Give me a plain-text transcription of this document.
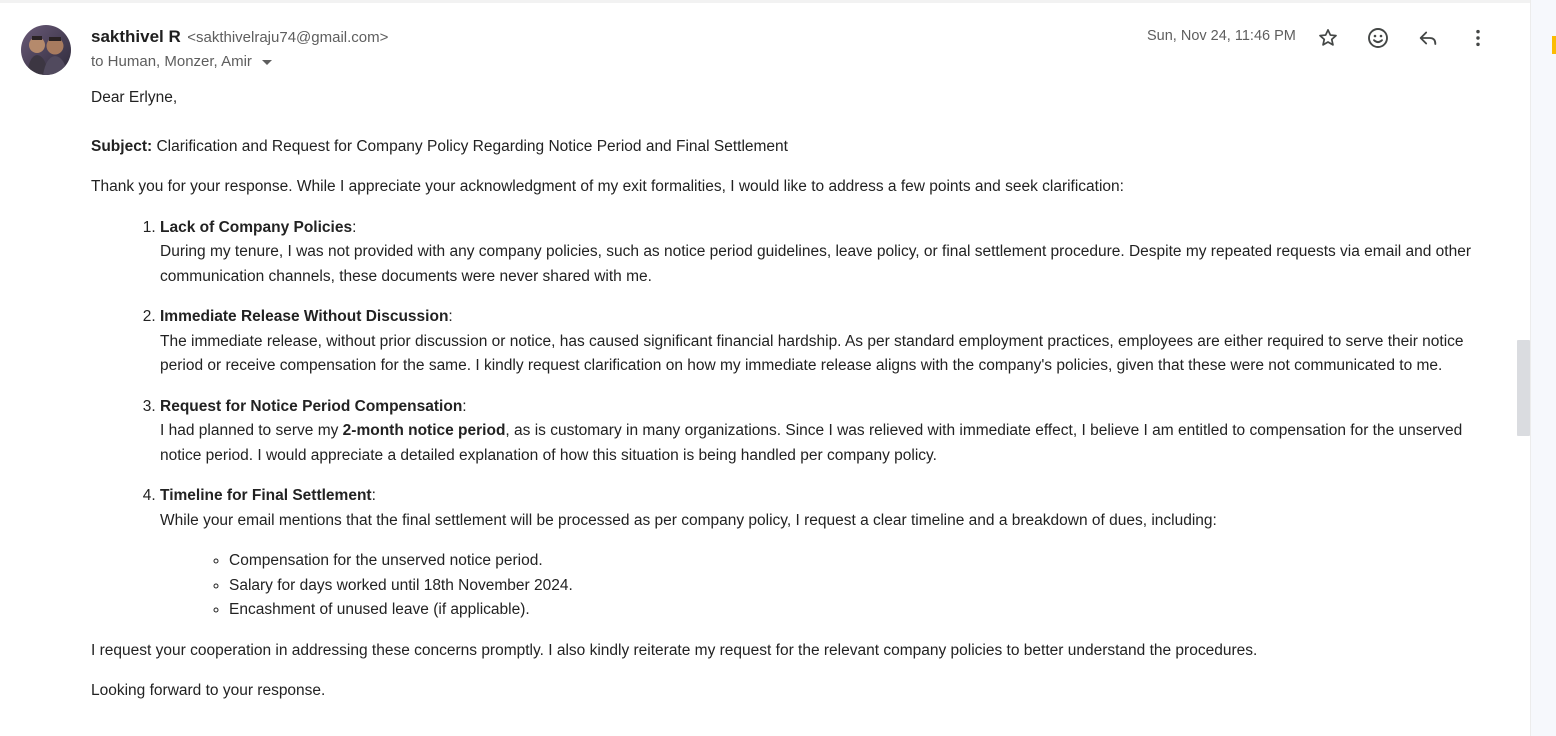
sakthivel R <sakthivelraju74@gmail.com>
to Human, Monzer, Amir
Sun, Nov 24, 11:46 PM

Dear Erlyne,

Subject: Clarification and Request for Company Policy Regarding Notice Period and Final Settlement

Thank you for your response. While I appreciate your acknowledgment of my exit formalities, I would like to address a few points and seek clarification:

1. Lack of Company Policies:
During my tenure, I was not provided with any company policies, such as notice period guidelines, leave policy, or final settlement procedure. Despite my repeated requests via email and other communication channels, these documents were never shared with me.
2. Immediate Release Without Discussion:
The immediate release, without prior discussion or notice, has caused significant financial hardship. As per standard employment practices, employees are either required to serve their notice period or receive compensation for the same. I kindly request clarification on how my immediate release aligns with the company's policies, given that these were not communicated to me.
3. Request for Notice Period Compensation:
I had planned to serve my 2-month notice period, as is customary in many organizations. Since I was relieved with immediate effect, I believe I am entitled to compensation for the unserved notice period. I would appreciate a detailed explanation of how this situation is being handled per company policy.
4. Timeline for Final Settlement:
While your email mentions that the final settlement will be processed as per company policy, I request a clear timeline and a breakdown of dues, including:
◦ Compensation for the unserved notice period.
◦ Salary for days worked until 18th November 2024.
◦ Encashment of unused leave (if applicable).

I request your cooperation in addressing these concerns promptly. I also kindly reiterate my request for the relevant company policies to better understand the procedures.

Looking forward to your response.
